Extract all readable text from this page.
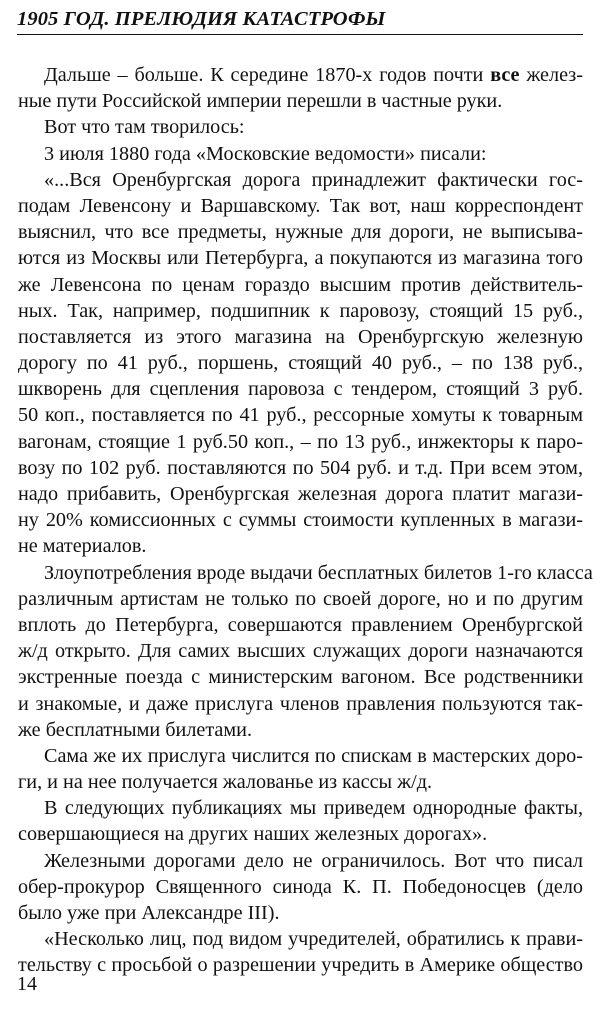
1905 ГОД. ПРЕЛЮДИЯ КАТАСТРОФЫ
Дальше – больше. К середине 1870-х годов почти все желез-
ные пути Российской империи перешли в частные руки.
Вот что там творилось:
3 июля 1880 года «Московские ведомости» писали:
«...Вся Оренбургская дорога принадлежит фактически гос-
подам Левенсону и Варшавскому. Так вот, наш корреспондент
выяснил, что все предметы, нужные для дороги, не выписыва-
ются из Москвы или Петербурга, а покупаются из магазина того
же Левенсона по ценам гораздо высшим против действитель-
ных. Так, например, подшипник к паровозу, стоящий 15 руб.,
поставляется из этого магазина на Оренбургскую железную
дорогу по 41 руб., поршень, стоящий 40 руб., – по 138 руб.,
шкворень для сцепления паровоза с тендером, стоящий 3 руб.
50 коп., поставляется по 41 руб., рессорные хомуты к товарным
вагонам, стоящие 1 руб.50 коп., – по 13 руб., инжекторы к паро-
возу по 102 руб. поставляются по 504 руб. и т.д. При всем этом,
надо прибавить, Оренбургская железная дорога платит магази-
ну 20% комиссионных с суммы стоимости купленных в магази-
не материалов.
Злоупотребления вроде выдачи бесплатных билетов 1-го класса
различным артистам не только по своей дороге, но и по другим
вплоть до Петербурга, совершаются правлением Оренбургской
ж/д открыто. Для самих высших служащих дороги назначаются
экстренные поезда с министерским вагоном. Все родственники
и знакомые, и даже прислуга членов правления пользуются так-
же бесплатными билетами.
Сама же их прислуга числится по спискам в мастерских доро-
ги, и на нее получается жалованье из кассы ж/д.
В следующих публикациях мы приведем однородные факты,
совершающиеся на других наших железных дорогах».
Железными дорогами дело не ограничилось. Вот что писал
обер-прокурор Священного синода К. П. Победоносцев (дело
было уже при Александре III).
«Несколько лиц, под видом учредителей, обратились к прави-
тельству с просьбой о разрешении учредить в Америке общество
14
